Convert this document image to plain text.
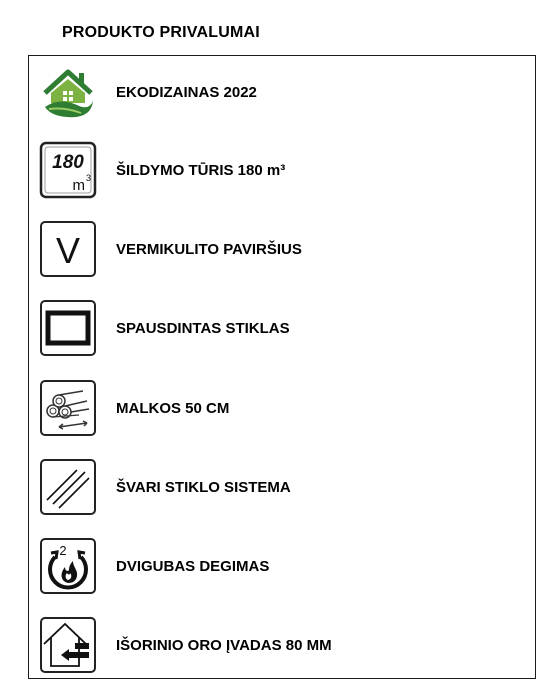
PRODUKTO PRIVALUMAI
EKODIZAINAS 2022
180
m 3 ŠILDYMO TŪRIS 180 m³
V VERMIKULITO PAVIRŠIUS
SPAUSDINTAS STIKLAS
MALKOS 50 CM
ŠVARI STIKLO SISTEMA
2
DVIGUBAS DEGIMAS
IŠORINIO ORO ĮVADAS 80 MM
